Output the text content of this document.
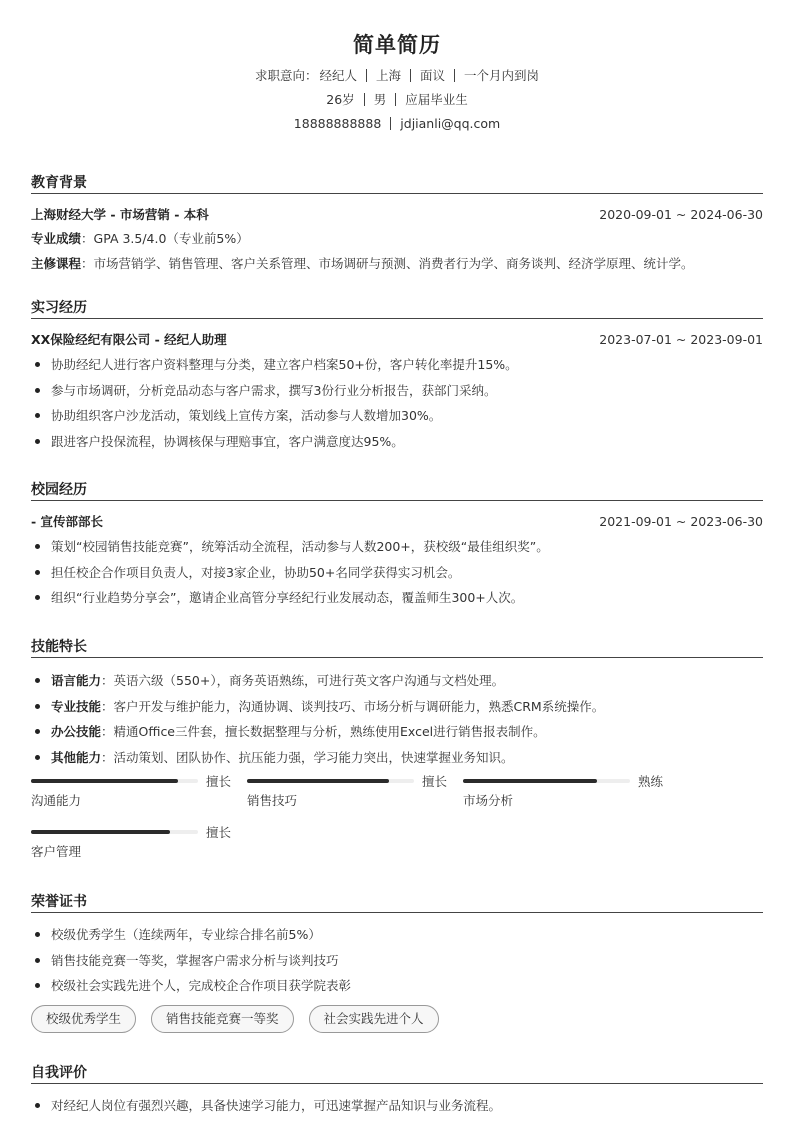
简单简历
求职意向： 经纪人 上海 面议 一个月内到岗
26岁 男 应届毕业生
18888888888 jdjianli@qq.com
教育背景
上海财经大学 - 市场营销 - 本科	2020-09-01 ~ 2024-06-30
专业成绩：GPA 3.5/4.0（专业前5%）
主修课程：市场营销学、销售管理、客户关系管理、市场调研与预测、消费者行为学、商务谈判、经济学原理、统计学。
实习经历
XX保险经纪有限公司 - 经纪人助理	2023-07-01 ~ 2023-09-01
协助经纪人进行客户资料整理与分类，建立客户档案50+份，客户转化率提升15%。
参与市场调研，分析竞品动态与客户需求，撰写3份行业分析报告，获部门采纳。
协助组织客户沙龙活动，策划线上宣传方案，活动参与人数增加30%。
跟进客户投保流程，协调核保与理赔事宜，客户满意度达95%。
校园经历
- 宣传部部长	2021-09-01 ~ 2023-06-30
策划“校园销售技能竞赛”，统筹活动全流程，活动参与人数200+，获校级“最佳组织奖”。
担任校企合作项目负责人，对接3家企业，协助50+名同学获得实习机会。
组织“行业趋势分享会”，邀请企业高管分享经纪行业发展动态，覆盖师生300+人次。
技能特长
语言能力：英语六级（550+），商务英语熟练，可进行英文客户沟通与文档处理。
专业技能：客户开发与维护能力，沟通协调、谈判技巧、市场分析与调研能力，熟悉CRM系统操作。
办公技能：精通Office三件套，擅长数据整理与分析，熟练使用Excel进行销售报表制作。
其他能力：活动策划、团队协作、抗压能力强，学习能力突出，快速掌握业务知识。
擅长
沟通能力
擅长
销售技巧
熟练
市场分析
擅长
客户管理
荣誉证书
校级优秀学生（连续两年，专业综合排名前5%）
销售技能竞赛一等奖，掌握客户需求分析与谈判技巧
校级社会实践先进个人，完成校企合作项目获学院表彰
校级优秀学生	销售技能竞赛一等奖	社会实践先进个人
自我评价
对经纪人岗位有强烈兴趣，具备快速学习能力，可迅速掌握产品知识与业务流程。
